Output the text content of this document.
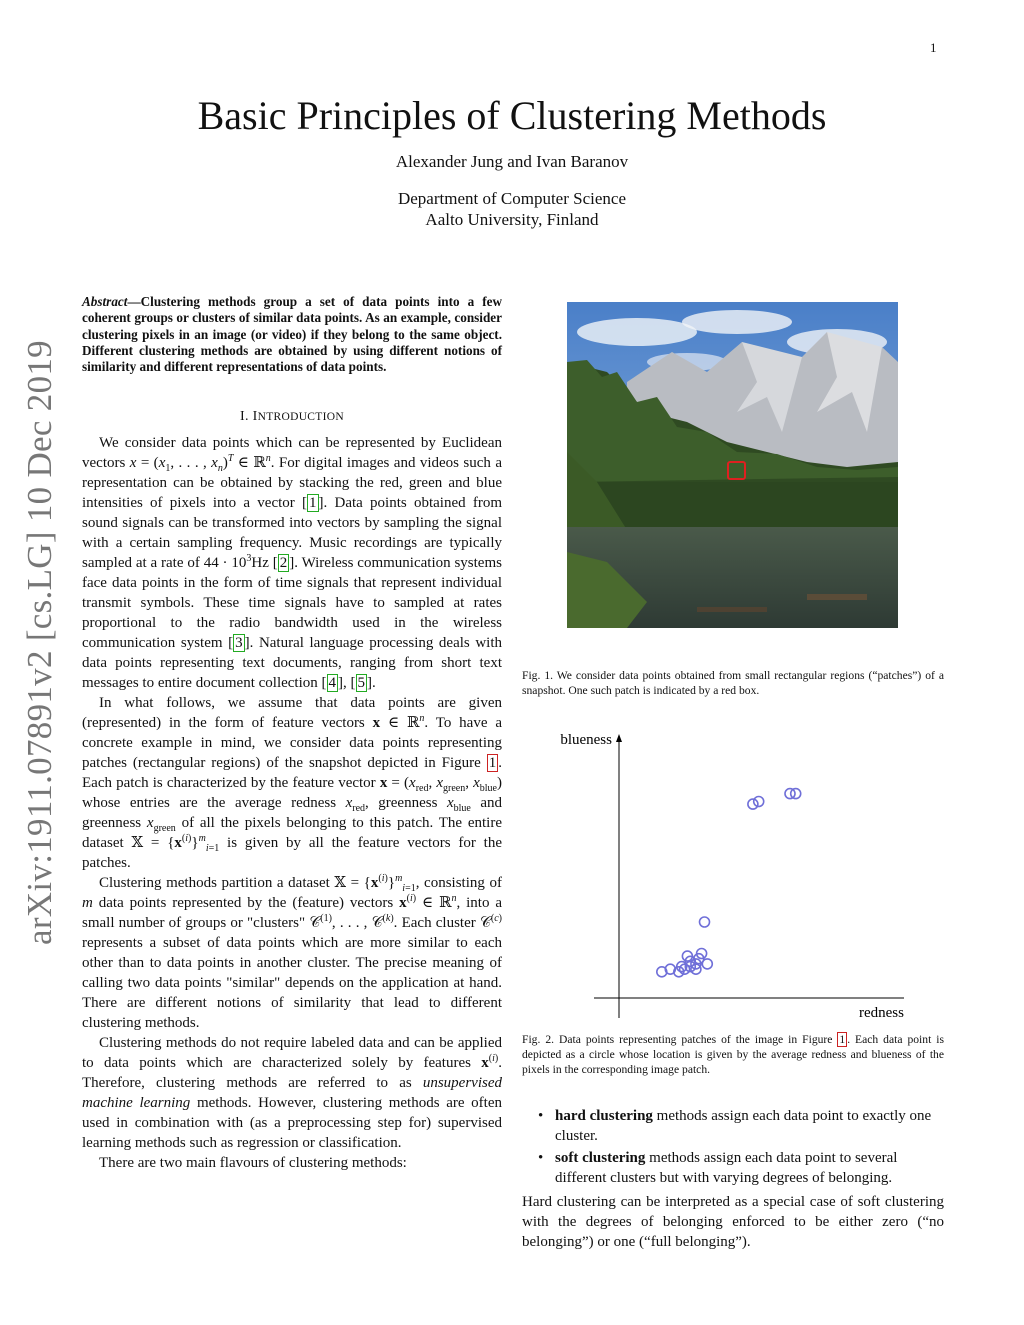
1
arXiv:1911.07891v2 [cs.LG] 10 Dec 2019
Basic Principles of Clustering Methods
Alexander Jung and Ivan Baranov
Department of Computer Science
Aalto University, Finland

Abstract—Clustering methods group a set of data points into a few coherent groups or clusters of similar data points. As an example, consider clustering pixels in an image (or video) if they belong to the same object. Different clustering methods are obtained by using different notions of similarity and different representations of data points.

I. INTRODUCTION

We consider data points which can be represented by Euclidean vectors $x = (x_1$, . . . , $x_n)^T$ ∈ ℝ$^n$. For digital images and videos such a representation can be obtained by stacking the red, green and blue intensities of pixels into a vector [ 1 ]. Data points obtained from sound signals can be transformed into vectors by sampling the signal with a certain sampling frequency. Music recordings are typically sampled at a rate of $44 \cdot 10^3Hz$ [ 2 ]. Wireless communication systems face data points in the form of time signals that represent individual transmit symbols. These time signals have to sampled at rates proportional to the radio bandwidth used in the wireless communication system [ 3 ]. Natural language processing deals with data points representing text documents, ranging from short text messages to entire document collection [ 4 ], [ 5 ].

In what follows, we assume that data points are given (represented) in the form of feature vectors x ∈ ℝ$^n$. To have a concrete example in mind, we consider data points representing patches (rectangular regions) of the snapshot depicted in Figure 1 . Each patch is characterized by the feature vector $x = (x_{red}$, $x_{green}$, $x_{blue}$) whose entries are the average redness $x_{red}$, greenness $x_{blue}$ and greenness $x_{green}$ of all the pixels belonging to this patch. The entire dataset 𝕏 = $\{x^{(i)}\}^m_{i=1}$ is given by all the feature vectors for the patches.

Clustering methods partition a dataset 𝕏 = $\{x^{(i)}\}^m_{i=1}$, consisting of m data points represented by the (feature) vectors $x^{(i)}$ ∈ ℝ$^n$, into a small number of groups or "clusters" 𝒞$^{(1)}$, . . . , 𝒞$^{(k)}$. Each cluster 𝒞$^{(c)}$ represents a subset of data points which are more similar to each other than to data points in another cluster. The precise meaning of calling two data points "similar" depends on the application at hand. There are different notions of similarity that lead to different clustering methods.

Clustering methods do not require labeled data and can be applied to data points which are characterized solely by features $x^{(i)}$. Therefore, clustering methods are referred to as unsupervised machine learning methods. However, clustering methods are often used in combination with (as a preprocessing step for) supervised learning methods such as regression or classification.

There are two main flavours of clustering methods:

Fig. 1. We consider data points obtained from small rectangular regions (“patches”) of a snapshot. One such patch is indicated by a red box.
blueness
redness
Fig. 2. Data points representing patches of the image in Figure 1 . Each data point is depicted as a circle whose location is given by the average redness and blueness of the pixels in the corresponding image patch.
• hard clustering methods assign each data point to exactly one cluster.
• soft clustering methods assign each data point to several different clusters but with varying degrees of belonging.

Hard clustering can be interpreted as a special case of soft clustering with the degrees of belonging enforced to be either zero (“no belonging”) or one (“full belonging”).
